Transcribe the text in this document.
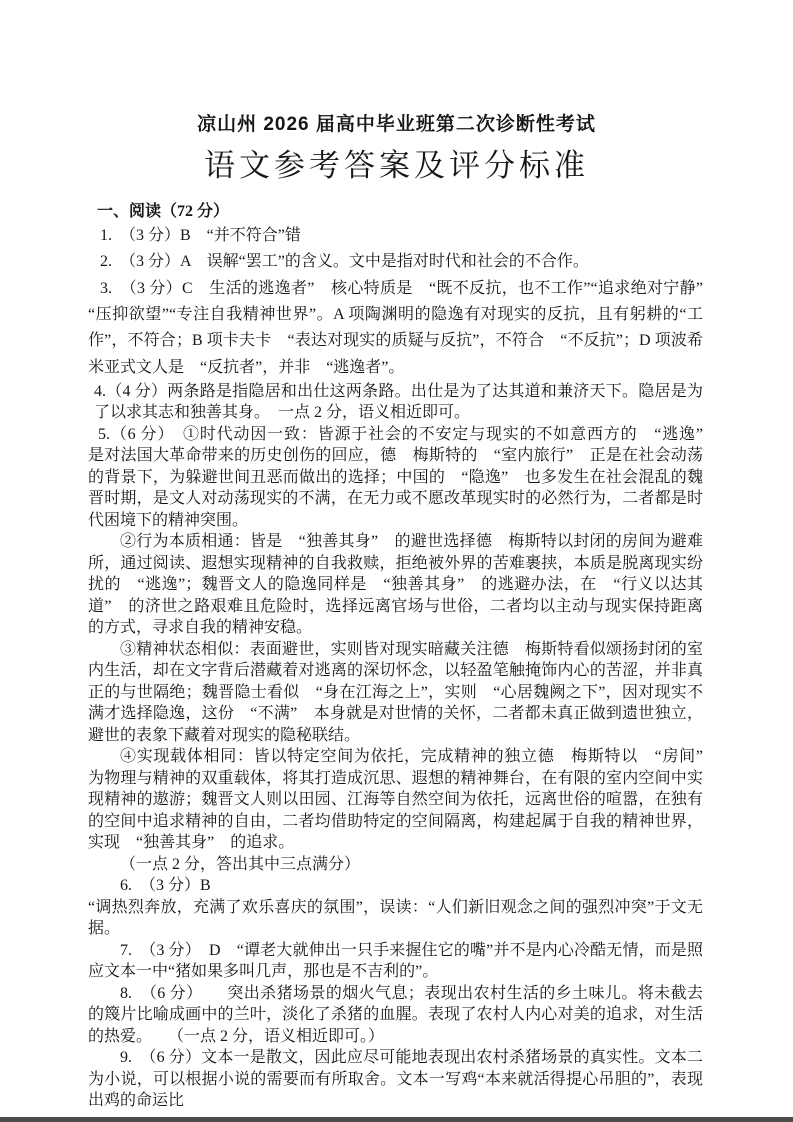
凉山州 2026 届高中毕业班第二次诊断性考试
语文参考答案及评分标准

一、阅读（72 分）

1.　（3 分）B　“并不符合”错

2.　（3 分）A　误解“罢工”的含义。文中是指对时代和社会的不合作。

3.　（3 分）C　生活的逃逸者”　核心特质是　“既不反抗，也不工作”“追求绝对宁静”“压抑欲望”“专注自我精神世界”。A 项陶渊明的隐逸有对现实的反抗，且有躬耕的“工作”，不符合；B 项卡夫卡　“表达对现实的质疑与反抗”，不符合　“不反抗”；D 项波希米亚式文人是　“反抗者”，并非　“逃逸者”。

4.（4 分）两条路是指隐居和出仕这两条路。出仕是为了达其道和兼济天下。隐居是为了以求其志和独善其身。　一点 2 分，语义相近即可。

5.（6 分）　①时代动因一致：皆源于社会的不安定与现实的不如意西方的　“逃逸”　是对法国大革命带来的历史创伤的回应，德　梅斯特的　“室内旅行”　正是在社会动荡的背景下，为躲避世间丑恶而做出的选择；中国的　“隐逸”　也多发生在社会混乱的魏晋时期，是文人对动荡现实的不满，在无力或不愿改革现实时的必然行为，二者都是时代困境下的精神突围。

②行为本质相通：皆是　“独善其身”　的避世选择德　梅斯特以封闭的房间为避难所，通过阅读、遐想实现精神的自我救赎，拒绝被外界的苦难裹挟，本质是脱离现实纷扰的　“逃逸”；魏晋文人的隐逸同样是　“独善其身”　的逃避办法，在　“行义以达其道”　的济世之路艰难且危险时，选择远离官场与世俗，二者均以主动与现实保持距离的方式，寻求自我的精神安稳。

③精神状态相似：表面避世，实则皆对现实暗藏关注德　梅斯特看似颂扬封闭的室内生活，却在文字背后潜藏着对逃离的深切怀念，以轻盈笔触掩饰内心的苦涩，并非真正的与世隔绝；魏晋隐士看似　“身在江海之上”，实则　“心居魏阙之下”，因对现实不满才选择隐逸，这份　“不满”　本身就是对世情的关怀，二者都未真正做到遗世独立，避世的表象下藏着对现实的隐秘联结。

④实现载体相同：皆以特定空间为依托，完成精神的独立德　梅斯特以　“房间”　为物理与精神的双重载体，将其打造成沉思、遐想的精神舞台，在有限的室内空间中实现精神的遨游；魏晋文人则以田园、江海等自然空间为依托，远离世俗的喧嚣，在独有的空间中追求精神的自由，二者均借助特定的空间隔离，构建起属于自我的精神世界，实现　“独善其身”　的追求。

（一点 2 分，答出其中三点满分）

6.　（3 分）B

“调热烈奔放，充满了欢乐喜庆的氛围”，误读：“人们新旧观念之间的强烈冲突”于文无据。

7.　（3 分）　D　“谭老大就伸出一只手来握住它的嘴”并不是内心冷酷无情，而是照应文本一中“猪如果多叫几声，那也是不吉利的”。

8.　（6 分）　　突出杀猪场景的烟火气息；表现出农村生活的乡土味儿。将未截去的篾片比喻成画中的兰叶，淡化了杀猪的血腥。表现了农村人内心对美的追求，对生活的热爱。　　（一点 2 分，语义相近即可。）

9.　（6 分）文本一是散文，因此应尽可能地表现出农村杀猪场景的真实性。文本二为小说，可以根据小说的需要而有所取舍。文本一写鸡“本来就活得提心吊胆的”，表现出鸡的命运比
